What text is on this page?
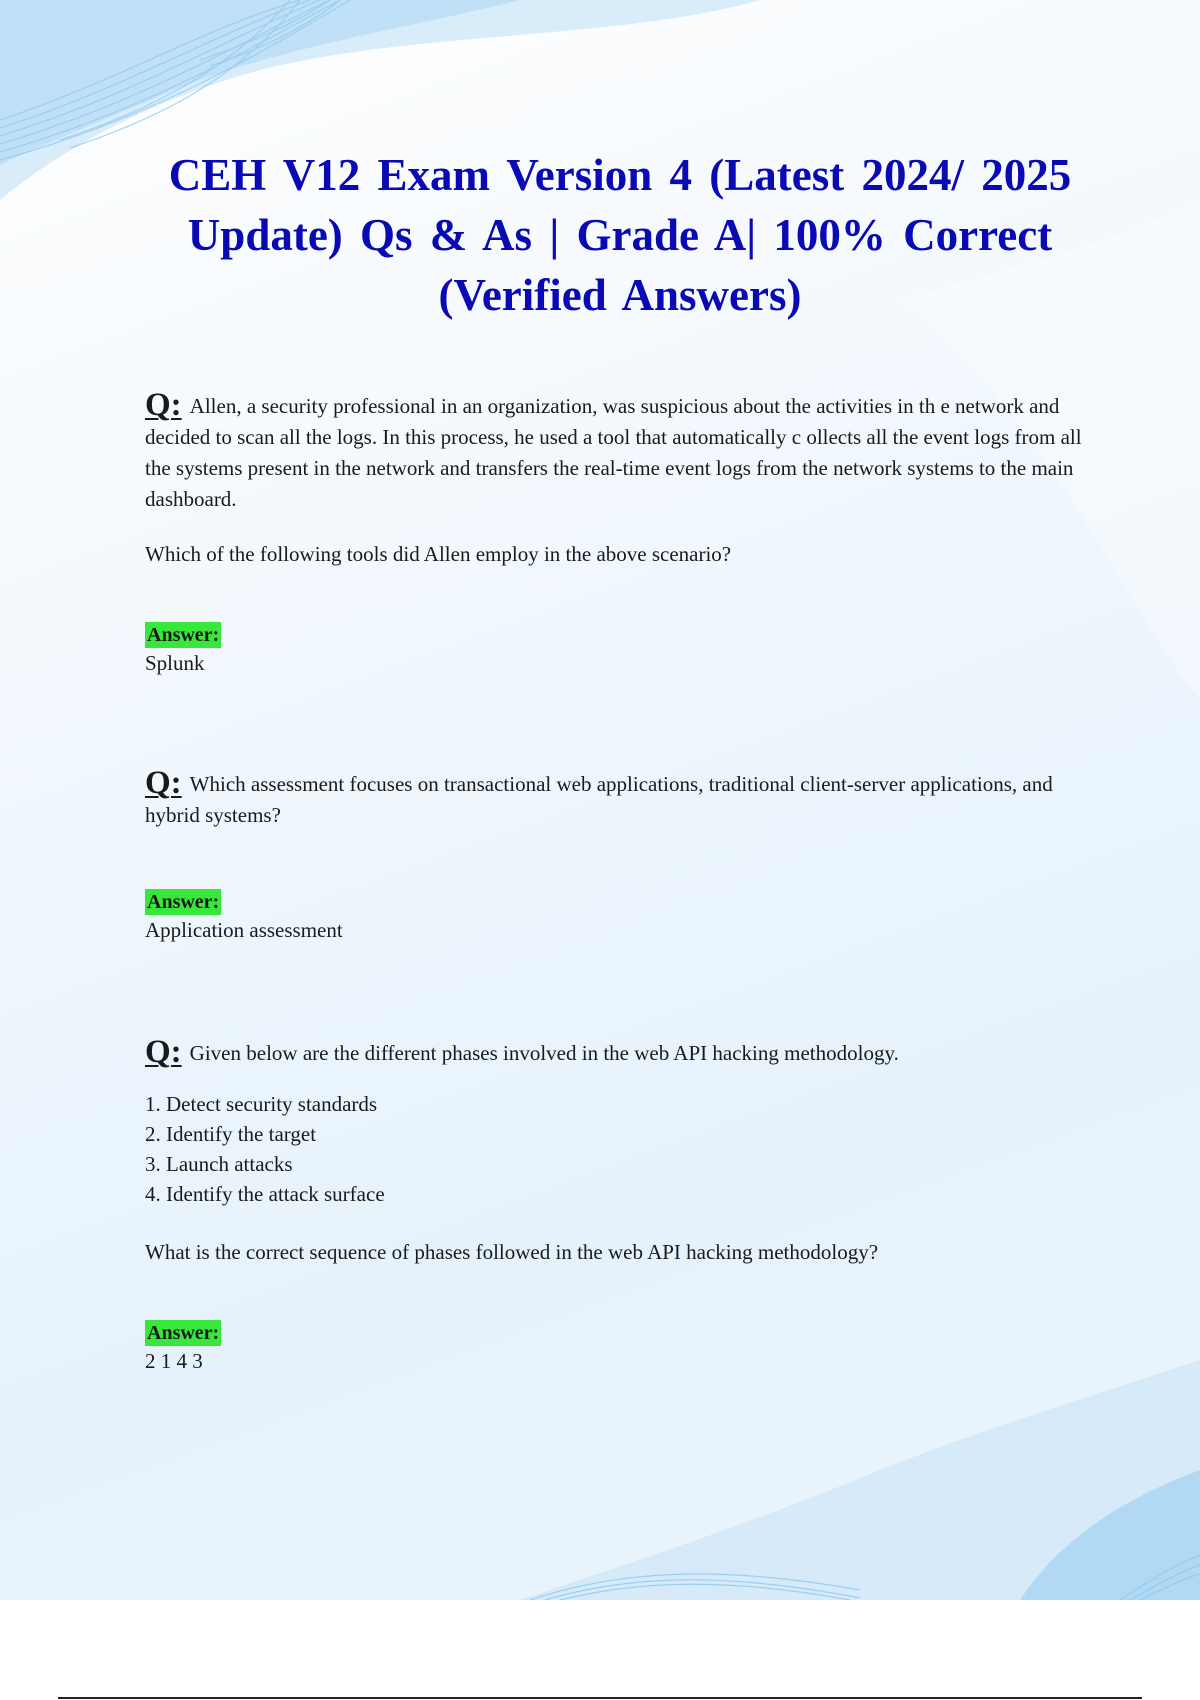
CEH V12 Exam Version 4 (Latest 2024/ 2025 Update) Qs & As | Grade A| 100% Correct (Verified Answers)

Q: Allen, a security professional in an organization, was suspicious about the activities in th e network and decided to scan all the logs. In this process, he used a tool that automatically c ollects all the event logs from all the systems present in the network and transfers the real-time event logs from the network systems to the main dashboard.

Which of the following tools did Allen employ in the above scenario?

Answer:

Splunk

Q: Which assessment focuses on transactional web applications, traditional client-server applications, and hybrid systems?

Answer:

Application assessment

Q: Given below are the different phases involved in the web API hacking methodology.

1. Detect security standards
2. Identify the target
3. Launch attacks
4. Identify the attack surface

What is the correct sequence of phases followed in the web API hacking methodology?

Answer:

2 1 4 3
